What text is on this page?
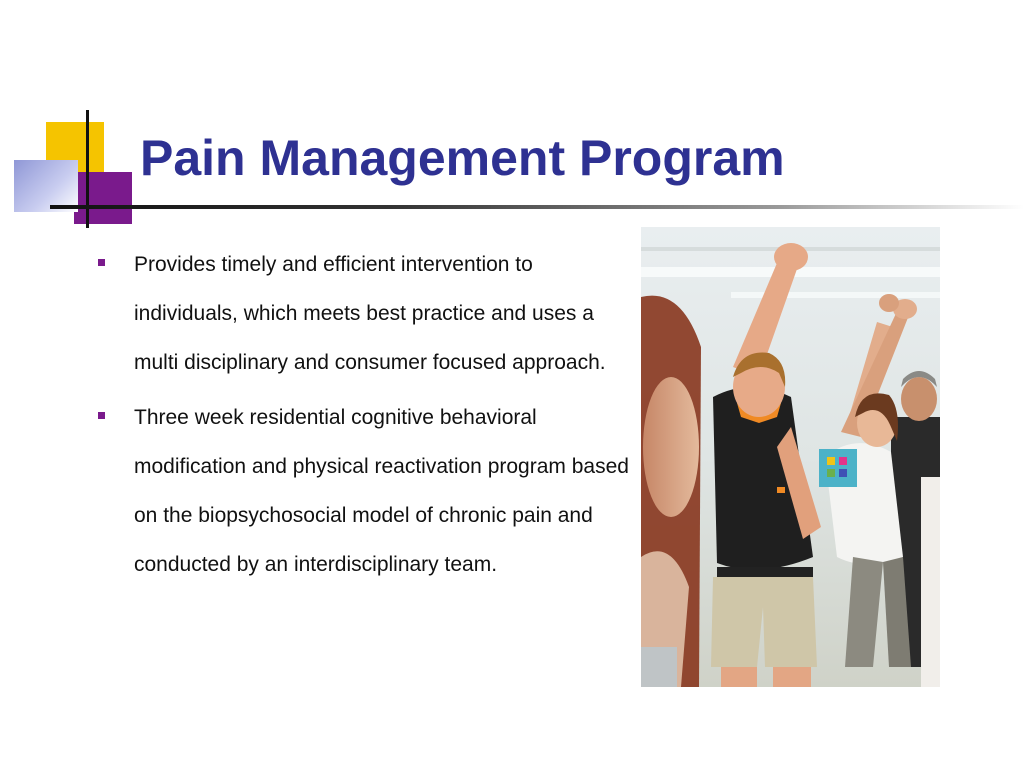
Pain Management Program
Provides timely and efficient intervention to individuals, which meets best practice and uses a multi disciplinary and consumer focused approach.
Three week residential cognitive behavioral modification and physical reactivation program based on the biopsychosocial model of chronic pain and conducted by an interdisciplinary team.
